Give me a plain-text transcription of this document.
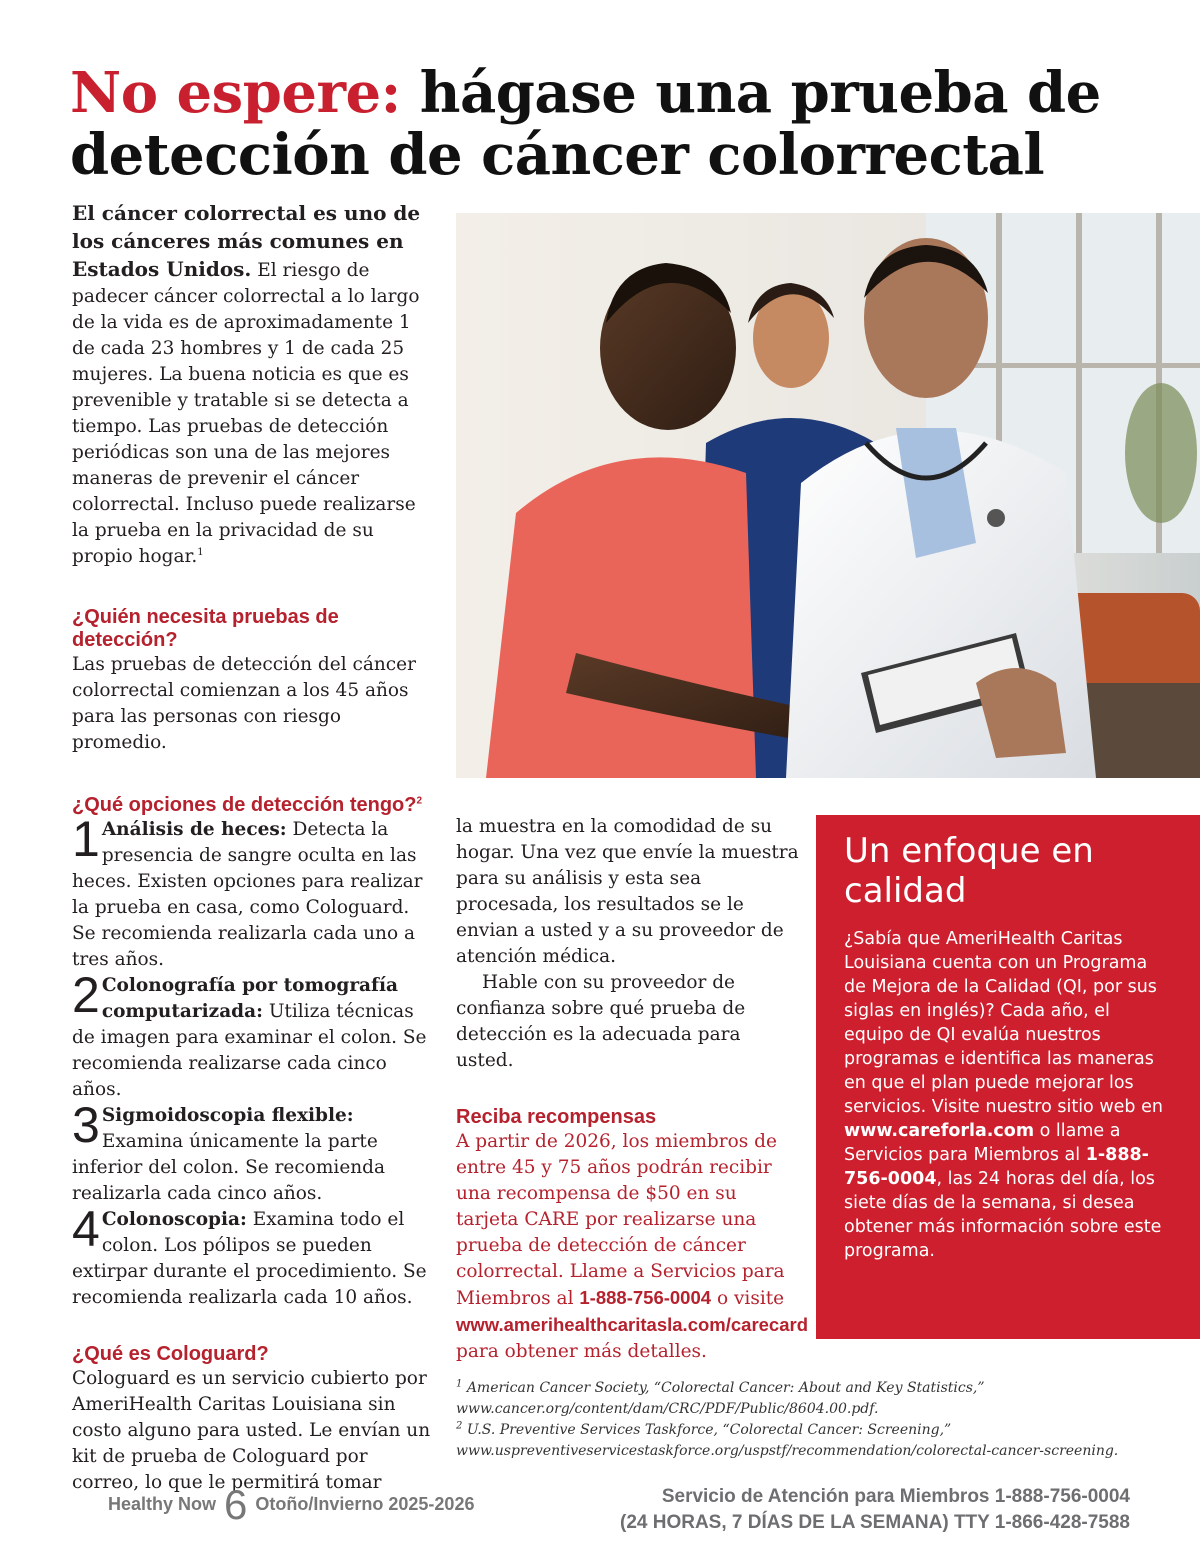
No espere: hágase una prueba de detección de cáncer colorrectal

El cáncer colorrectal es uno de los cánceres más comunes en Estados Unidos. El riesgo de padecer cáncer colorrectal a lo largo de la vida es de aproximadamente 1 de cada 23 hombres y 1 de cada 25 mujeres. La buena noticia es que es prevenible y tratable si se detecta a tiempo. Las pruebas de detección periódicas son una de las mejores maneras de prevenir el cáncer colorrectal. Incluso puede realizarse la prueba en la privacidad de su propio hogar.$^1$

¿Quién necesita pruebas de detección?

Las pruebas de detección del cáncer colorrectal comienzan a los 45 años para las personas con riesgo promedio.

¿Qué opciones de detección tengo?$^2$

1 Análisis de heces: Detecta la presencia de sangre oculta en las heces. Existen opciones para realizar la prueba en casa, como Cologuard. Se recomienda realizarla cada uno a tres años.

2 Colonografía por tomografía computarizada: Utiliza técnicas de imagen para examinar el colon. Se recomienda realizarse cada cinco años.

3 Sigmoidoscopia flexible: Examina únicamente la parte inferior del colon. Se recomienda realizarla cada cinco años.

4 Colonoscopia: Examina todo el colon. Los pólipos se pueden extirpar durante el procedimiento. Se recomienda realizarla cada 10 años.

¿Qué es Cologuard?

Cologuard es un servicio cubierto por AmeriHealth Caritas Louisiana sin costo alguno para usted. Le envían un kit de prueba de Cologuard por correo, lo que le permitirá tomar

la muestra en la comodidad de su hogar. Una vez que envíe la muestra para su análisis y esta sea procesada, los resultados se le envian a usted y a su proveedor de atención médica.

Hable con su proveedor de confianza sobre qué prueba de detección es la adecuada para usted.

Reciba recompensas

A partir de 2026, los miembros de entre 45 y 75 años podrán recibir una recompensa de $50 en su tarjeta CARE por realizarse una prueba de detección de cáncer colorrectal. Llame a Servicios para Miembros al 1-888-756-0004 o visite www.amerihealthcaritasla.com/carecard para obtener más detalles.

Un enfoque en calidad

¿Sabía que AmeriHealth Caritas Louisiana cuenta con un Programa de Mejora de la Calidad (QI, por sus siglas en inglés)? Cada año, el equipo de QI evalúa nuestros programas e identifica las maneras en que el plan puede mejorar los servicios. Visite nuestro sitio web en www.careforla.com o llame a Servicios para Miembros al 1-888-756-0004, las 24 horas del día, los siete días de la semana, si desea obtener más información sobre este programa.

$^1$ American Cancer Society, “Colorectal Cancer: About and Key Statistics,” www.cancer.org/content/dam/CRC/PDF/Public/8604.00.pdf.

$^2$ U.S. Preventive Services Taskforce, “Colorectal Cancer: Screening,” www.uspreventiveservicestaskforce.org/uspstf/recommendation/colorectal-cancer-screening.

Healthy Now 6 Otoño/Invierno 2025-2026	Servicio de Atención para Miembros 1-888-756-0004

(24 HORAS, 7 DÍAS DE LA SEMANA) TTY 1-866-428-7588
